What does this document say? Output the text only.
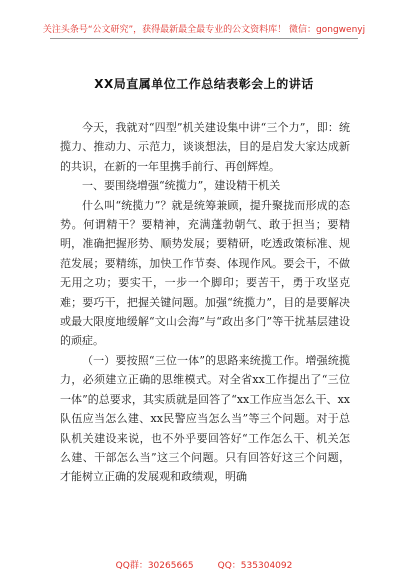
关注头条号“公文研究”，获得最新最全最专业的公文资料库！ 微信：gongwenyj
XX局直属单位工作总结表彰会上的讲话

今天，我就对“四型”机关建设集中讲“三个力”，即：统揽力、推动力、示范力，谈谈想法，目的是启发大家达成新的共识，在新的一年里携手前行、再创辉煌。

一、要围绕增强“统揽力”，建设精干机关

什么叫“统揽力”？就是统筹兼顾，提升聚拢而形成的态势。何谓精干？要精神，充满蓬勃朝气、敢于担当；要精明，准确把握形势、顺势发展；要精研，吃透政策标准、规范发展；要精练，加快工作节奏、体现作风。要会干，不做无用之功；要实干，一步一个脚印；要苦干，勇于攻坚克难；要巧干，把握关键问题。加强“统揽力”，目的是要解决或最大限度地缓解“文山会海”与“政出多门”等干扰基层建设的顽症。

（一）要按照“三位一体”的思路来统揽工作。增强统揽力，必须建立正确的思维模式。对全省xx工作提出了“三位一体”的总要求，其实质就是回答了“xx工作应当怎么干、xx队伍应当怎么建、xx民警应当怎么当”等三个问题。对于总队机关建设来说，也不外乎要回答好“工作怎么干、机关怎么建、干部怎么当”这三个问题。只有回答好这三个问题，才能树立正确的发展观和政绩观，明确

QQ群：30265665	QQ：535304092
